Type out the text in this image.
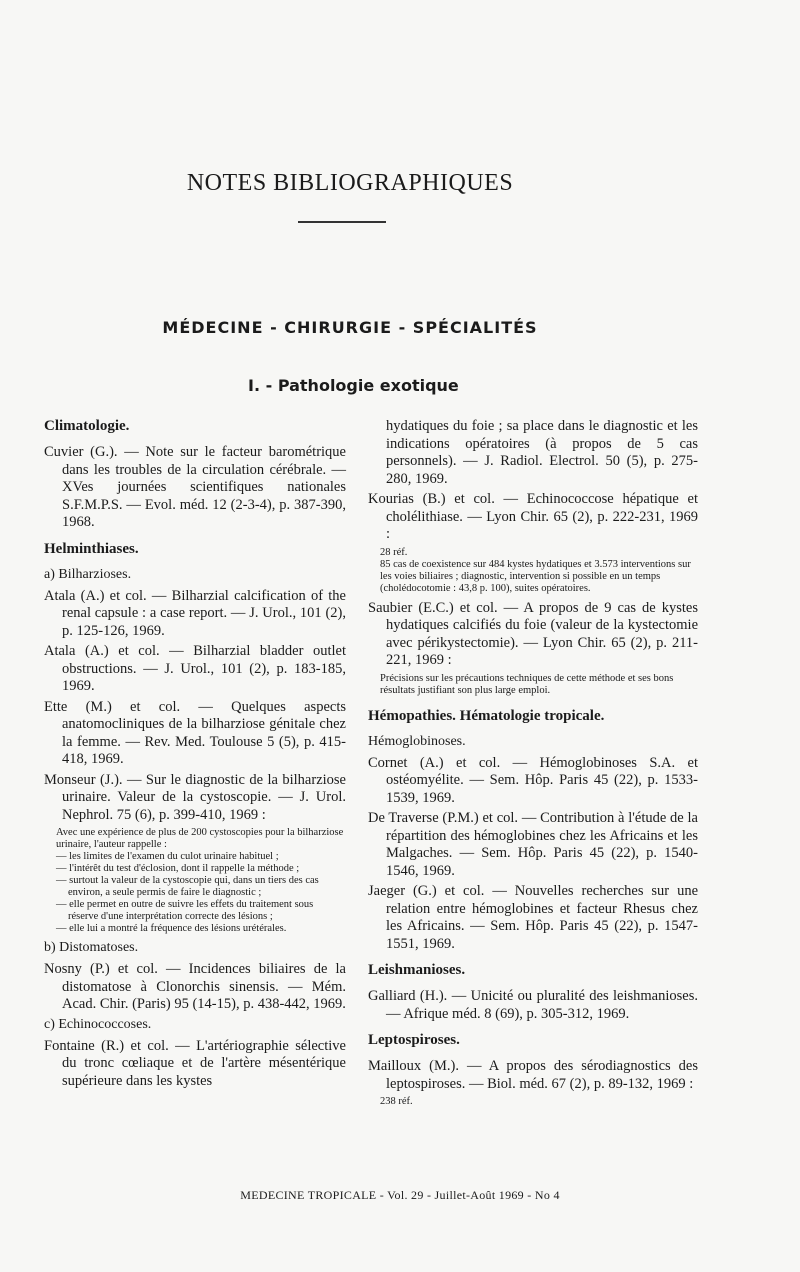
NOTES BIBLIOGRAPHIQUES
MÉDECINE - CHIRURGIE - SPÉCIALITÉS
I. - Pathologie exotique
Climatologie.
Cuvier (G.). — Note sur le facteur barométrique dans les troubles de la circulation cérébrale. — XVes journées scientifiques nationales S.F.M.P.S. — Evol. méd. 12 (2-3-4), p. 387-390, 1968.
Helminthiases.
a) Bilharzioses.
Atala (A.) et col. — Bilharzial calcification of the renal capsule : a case report. — J. Urol., 101 (2), p. 125-126, 1969.
Atala (A.) et col. — Bilharzial bladder outlet obstructions. — J. Urol., 101 (2), p. 183-185, 1969.
Ette (M.) et col. — Quelques aspects anatomocliniques de la bilharziose génitale chez la femme. — Rev. Med. Toulouse 5 (5), p. 415-418, 1969.
Monseur (J.). — Sur le diagnostic de la bilharziose urinaire. Valeur de la cystoscopie. — J. Urol. Nephrol. 75 (6), p. 399-410, 1969 :
Avec une expérience de plus de 200 cystoscopies pour la bilharziose urinaire, l'auteur rappelle :
— les limites de l'examen du culot urinaire habituel ;
— l'intérêt du test d'éclosion, dont il rappelle la méthode ;
— surtout la valeur de la cystoscopie qui, dans un tiers des cas environ, a seule permis de faire le diagnostic ;
— elle permet en outre de suivre les effets du traitement sous réserve d'une interprétation correcte des lésions ;
— elle lui a montré la fréquence des lésions urétérales.
b) Distomatoses.
Nosny (P.) et col. — Incidences biliaires de la distomatose à Clonorchis sinensis. — Mém. Acad. Chir. (Paris) 95 (14-15), p. 438-442, 1969.
c) Echinococcoses.
Fontaine (R.) et col. — L'artériographie sélective du tronc cœliaque et de l'artère mésentérique supérieure dans les kystes
hydatiques du foie ; sa place dans le diagnostic et les indications opératoires (à propos de 5 cas personnels). — J. Radiol. Electrol. 50 (5), p. 275-280, 1969.
Kourias (B.) et col. — Echinococcose hépatique et cholélithiase. — Lyon Chir. 65 (2), p. 222-231, 1969 :
28 réf.
85 cas de coexistence sur 484 kystes hydatiques et 3.573 interventions sur les voies biliaires ; diagnostic, intervention si possible en un temps (cholédocotomie : 43,8 p. 100), suites opératoires.
Saubier (E.C.) et col. — A propos de 9 cas de kystes hydatiques calcifiés du foie (valeur de la kystectomie avec périkystectomie). — Lyon Chir. 65 (2), p. 211-221, 1969 :
Précisions sur les précautions techniques de cette méthode et ses bons résultats justifiant son plus large emploi.
Hémopathies. Hématologie tropicale.
Hémoglobinoses.
Cornet (A.) et col. — Hémoglobinoses S.A. et ostéomyélite. — Sem. Hôp. Paris 45 (22), p. 1533-1539, 1969.
De Traverse (P.M.) et col. — Contribution à l'étude de la répartition des hémoglobines chez les Africains et les Malgaches. — Sem. Hôp. Paris 45 (22), p. 1540-1546, 1969.
Jaeger (G.) et col. — Nouvelles recherches sur une relation entre hémoglobines et facteur Rhesus chez les Africains. — Sem. Hôp. Paris 45 (22), p. 1547-1551, 1969.
Leishmanioses.
Galliard (H.). — Unicité ou pluralité des leishmanioses. — Afrique méd. 8 (69), p. 305-312, 1969.
Leptospiroses.
Mailloux (M.). — A propos des sérodiagnostics des leptospiroses. — Biol. méd. 67 (2), p. 89-132, 1969 :
238 réf.
MEDECINE TROPICALE - Vol. 29 - Juillet-Août 1969 - No 4
